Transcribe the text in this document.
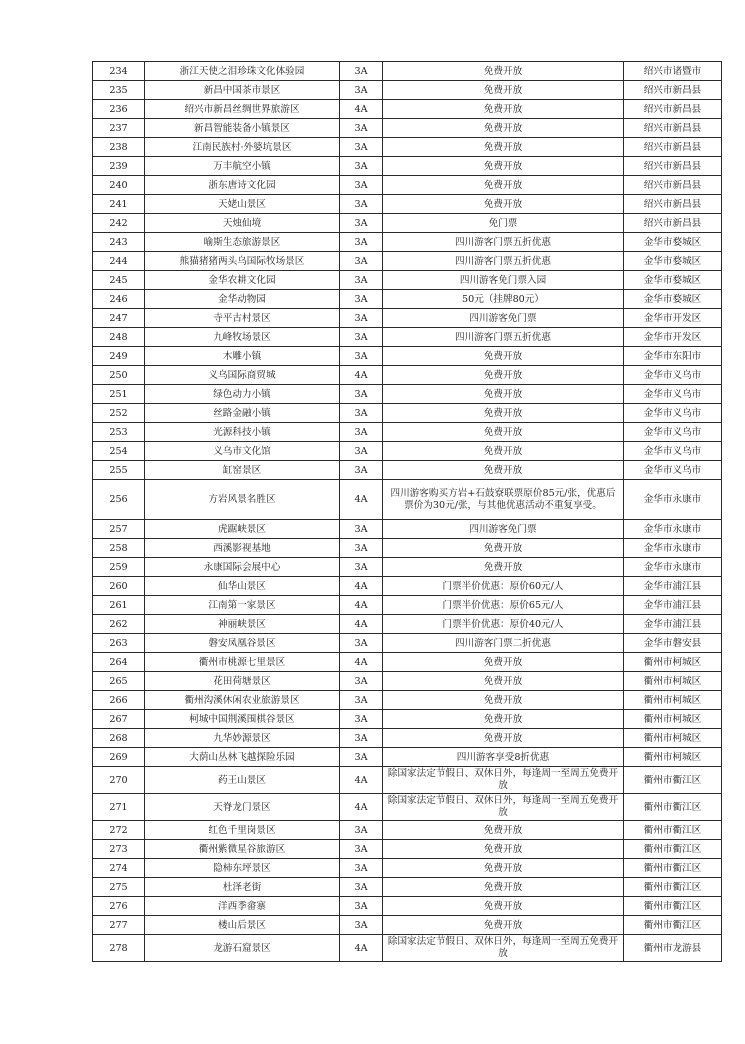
234	浙江天使之泪珍珠文化体验园	3A	免费开放	绍兴市诸暨市
235	新昌中国茶市景区	3A	免费开放	绍兴市新昌县
236	绍兴市新昌丝绸世界旅游区	4A	免费开放	绍兴市新昌县
237	新昌智能装备小镇景区	3A	免费开放	绍兴市新昌县
238	江南民族村·外婆坑景区	3A	免费开放	绍兴市新昌县
239	万丰航空小镇	3A	免费开放	绍兴市新昌县
240	浙东唐诗文化园	3A	免费开放	绍兴市新昌县
241	天姥山景区	3A	免费开放	绍兴市新昌县
242	天烛仙境	3A	免门票	绍兴市新昌县
243	喻斯生态旅游景区	3A	四川游客门票五折优惠	金华市婺城区
244	熊猫猪猪两头乌国际牧场景区	3A	四川游客门票五折优惠	金华市婺城区
245	金华农耕文化园	3A	四川游客免门票入园	金华市婺城区
246	金华动物园	3A	50元（挂牌80元）	金华市婺城区
247	寺平古村景区	3A	四川游客免门票	金华市开发区
248	九峰牧场景区	3A	四川游客门票五折优惠	金华市开发区
249	木雕小镇	3A	免费开放	金华市东阳市
250	义乌国际商贸城	4A	免费开放	金华市义乌市
251	绿色动力小镇	3A	免费开放	金华市义乌市
252	丝路金融小镇	3A	免费开放	金华市义乌市
253	光源科技小镇	3A	免费开放	金华市义乌市
254	义乌市文化馆	3A	免费开放	金华市义乌市
255	缸窑景区	3A	免费开放	金华市义乌市
256	方岩风景名胜区	4A	四川游客购买方岩+石鼓寮联票原价85元/张，优惠后票价为30元/张，与其他优惠活动不重复享受。	金华市永康市
257	虎踞峡景区	3A	四川游客免门票	金华市永康市
258	西溪影视基地	3A	免费开放	金华市永康市
259	永康国际会展中心	3A	免费开放	金华市永康市
260	仙华山景区	4A	门票半价优惠：原价60元/人	金华市浦江县
261	江南第一家景区	4A	门票半价优惠：原价65元/人	金华市浦江县
262	神丽峡景区	4A	门票半价优惠：原价40元/人	金华市浦江县
263	磐安凤凰谷景区	3A	四川游客门票二折优惠	金华市磐安县
264	衢州市桃源七里景区	4A	免费开放	衢州市柯城区
265	花田荷塘景区	3A	免费开放	衢州市柯城区
266	衢州沟溪休闲农业旅游景区	3A	免费开放	衢州市柯城区
267	柯城中国荆溪围棋谷景区	3A	免费开放	衢州市柯城区
268	九华妙源景区	3A	免费开放	衢州市柯城区
269	大荫山丛林飞越探险乐园	3A	四川游客享受8折优惠	衢州市柯城区
270	药王山景区	4A	除国家法定节假日、双休日外，每逢周一至周五免费开放	衢州市衢江区
271	天脊龙门景区	4A	除国家法定节假日、双休日外，每逢周一至周五免费开放	衢州市衢江区
272	红色千里岗景区	3A	免费开放	衢州市衢江区
273	衢州紫微星谷旅游区	3A	免费开放	衢州市衢江区
274	隐柿东坪景区	3A	免费开放	衢州市衢江区
275	杜泽老街	3A	免费开放	衢州市衢江区
276	洋西季畲寨	3A	免费开放	衢州市衢江区
277	楼山后景区	3A	免费开放	衢州市衢江区
278	龙游石窟景区	4A	除国家法定节假日、双休日外，每逢周一至周五免费开放	衢州市龙游县
